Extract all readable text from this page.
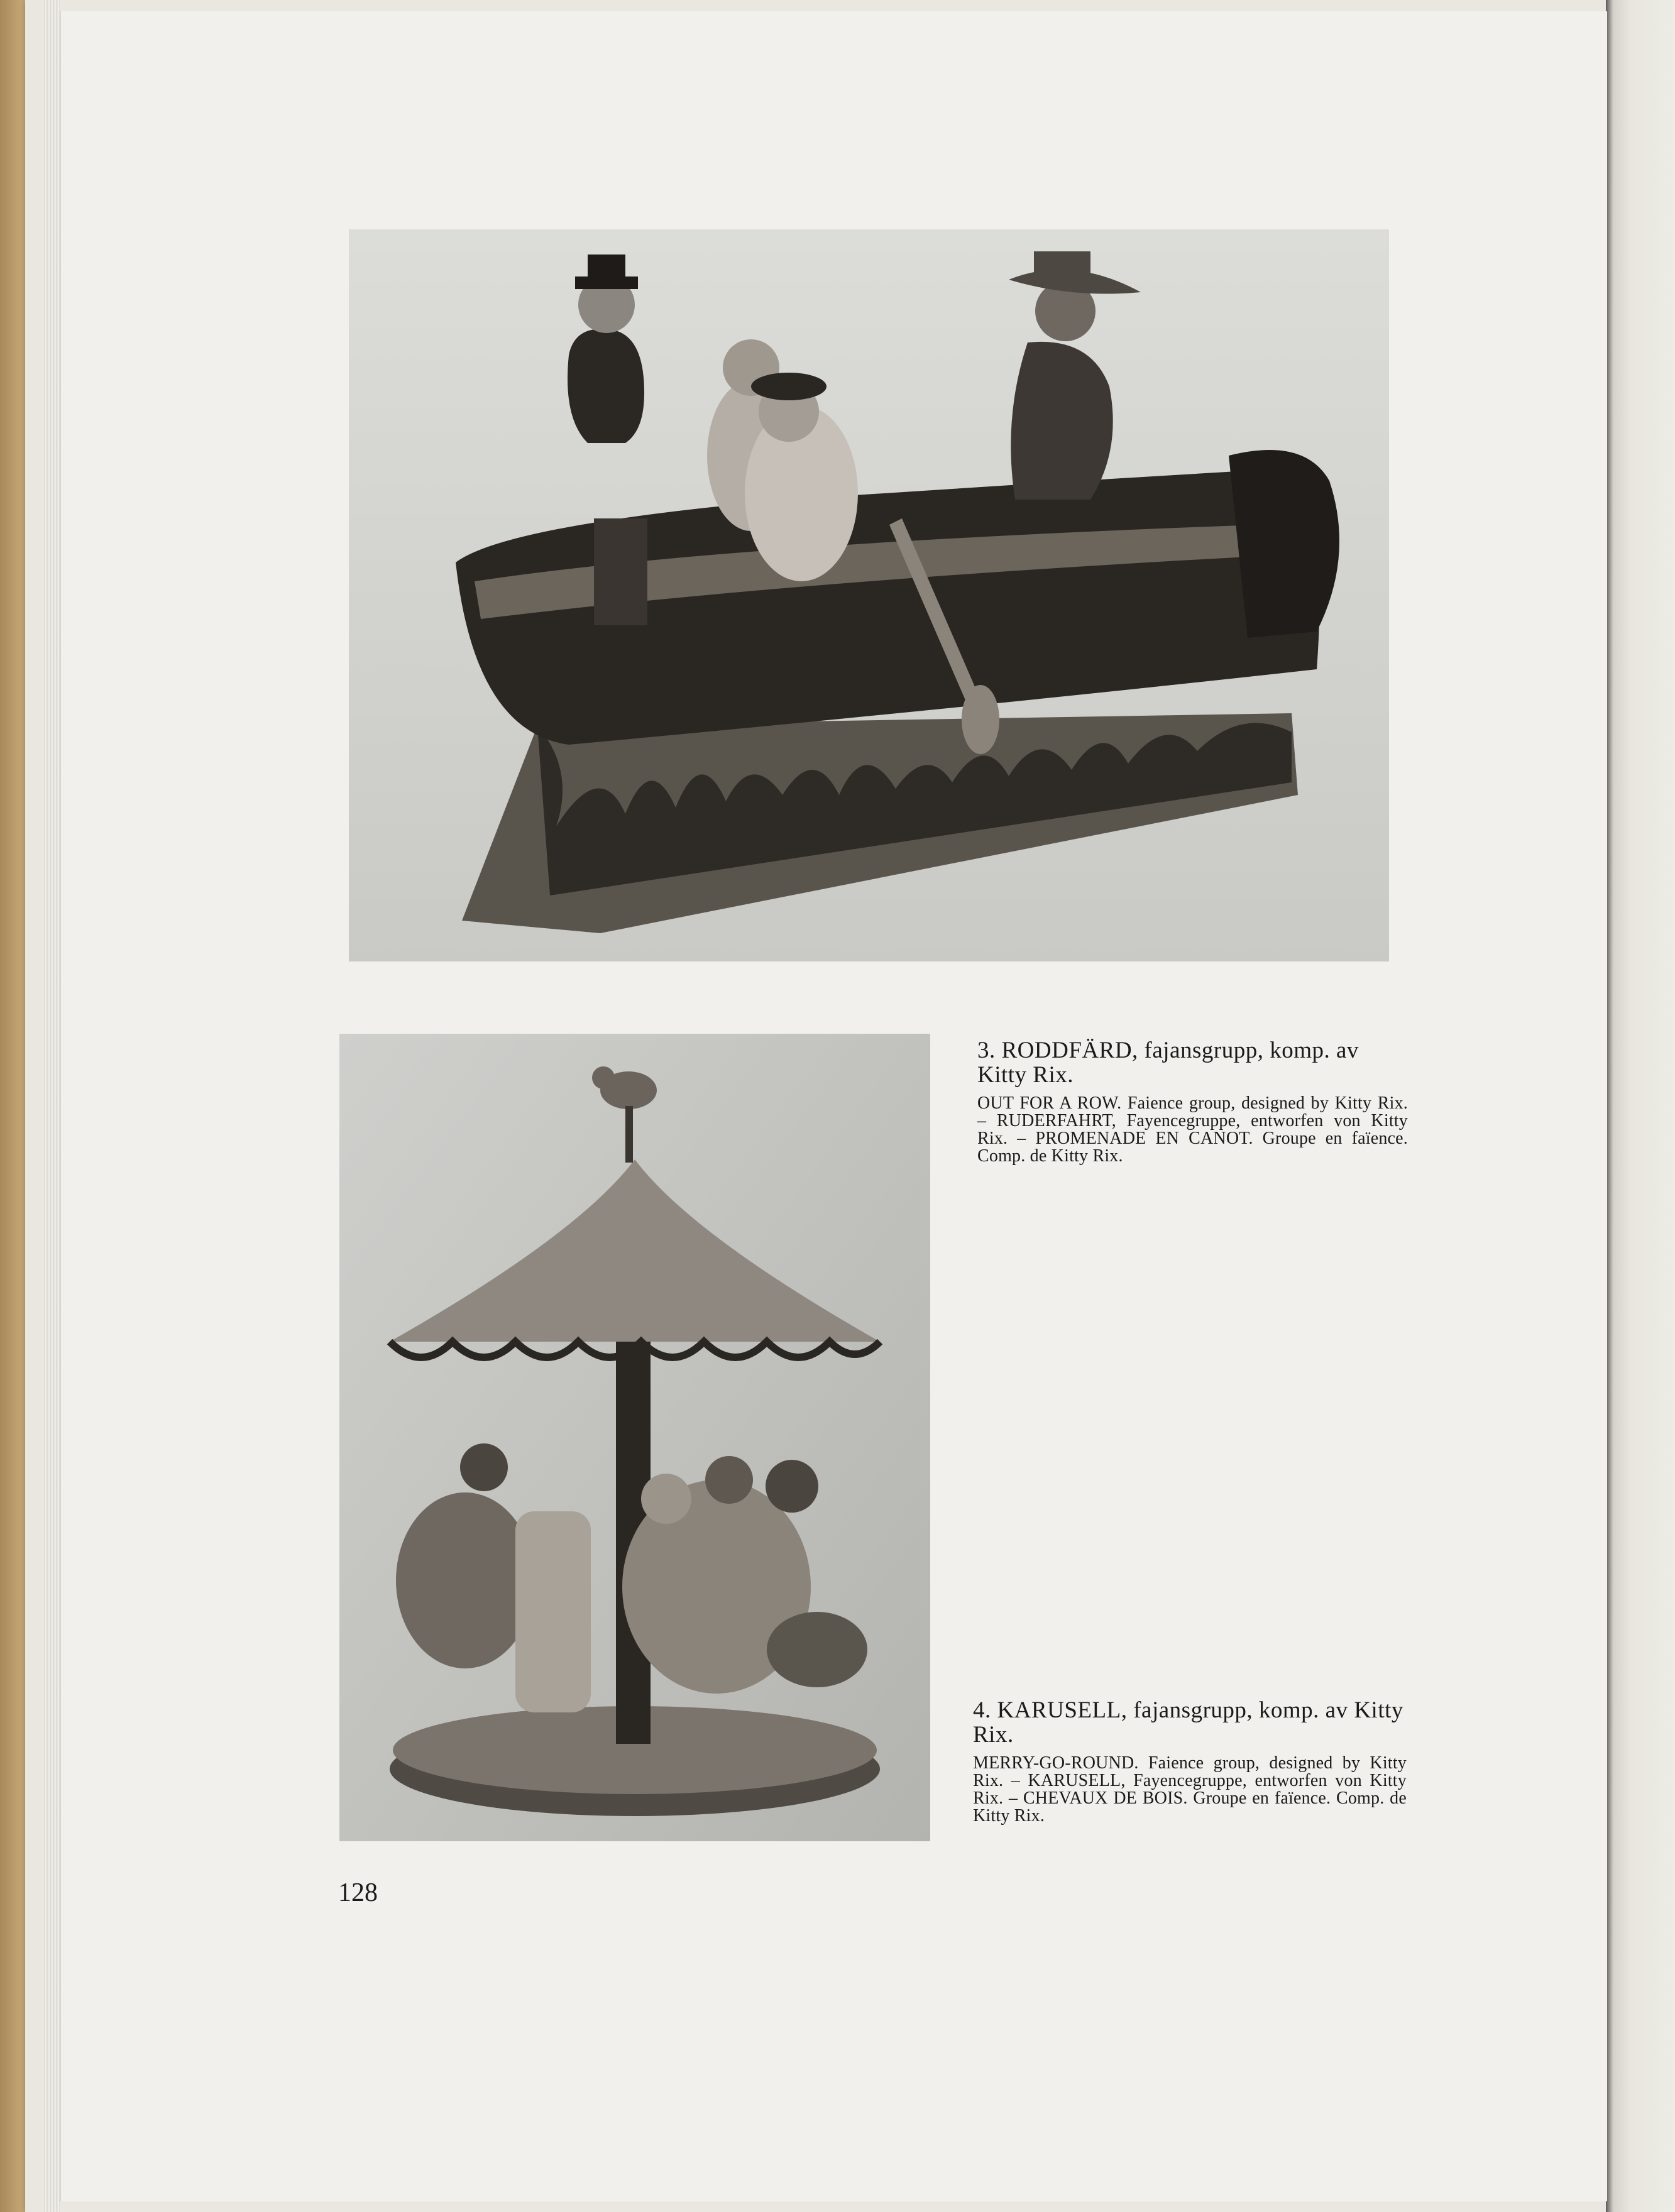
3. RODDFÄRD, fajansgrupp, komp. av Kitty Rix.
OUT FOR A ROW. Faience group, designed by Kitty Rix. – RUDERFAHRT, Fayencegruppe, entworfen von Kitty Rix. – PROMENADE EN CANOT. Groupe en faïence. Comp. de Kitty Rix.
4. KARUSELL, fajansgrupp, komp. av Kitty Rix.
MERRY-GO-ROUND. Faience group, designed by Kitty Rix. – KARUSELL, Fayencegruppe, entworfen von Kitty Rix. – CHEVAUX DE BOIS. Groupe en faïence. Comp. de Kitty Rix.
128
